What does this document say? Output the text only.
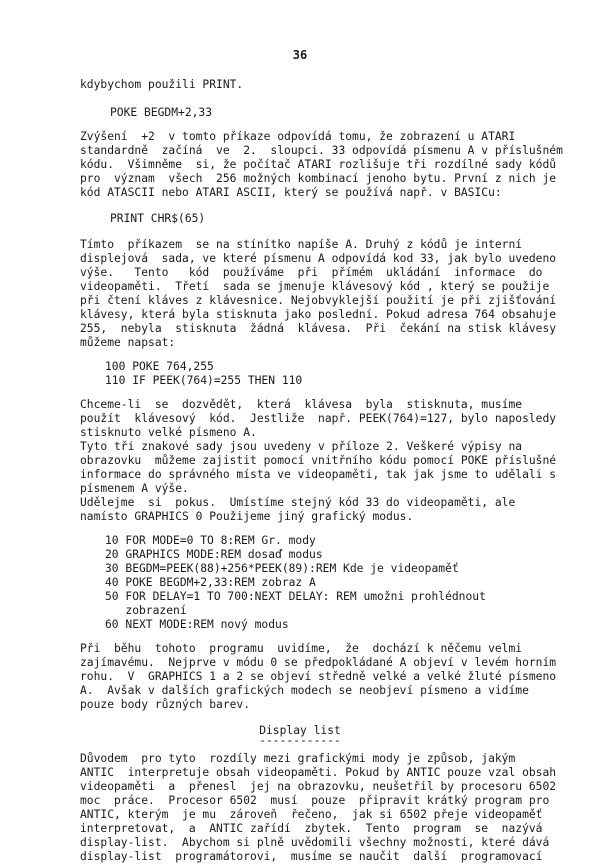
36
kdybychom použili PRINT.
POKE BEGDM+2,33
Zvýšení  +2  v tomto příkaze odpovídá tomu, že zobrazení u ATARI
standardně  začíná  ve  2.  sloupci. 33 odpovídá písmenu A v příslušném
kódu.  Všimněme  si, že počítač ATARI rozlišuje tři rozdílné sady kódů
pro  význam  všech  256 možných kombinací jenoho bytu. První z nich je
kód ATASCII nebo ATARI ASCII, který se používá např. v BASICu:
PRINT CHR$(65)
Tímto  příkazem  se na stínítko napíše A. Druhý z kódů je interní
displejová  sada, ve které písmenu A odpovídá kod 33, jak bylo uvedeno
výše.   Tento   kód  používáme  při  přímém  ukládání  informace  do
videopaměti.  Třetí  sada se jmenuje klávesový kód , který se použije
při čtení kláves z klávesnice. Nejobvyklejší použití je při zjišťování
klávesy, která byla stisknuta jako poslední. Pokud adresa 764 obsahuje
255,  nebyla  stisknuta  žádná  klávesa.  Při  čekání na stisk klávesy
můžeme napsat:
100 POKE 764,255
110 IF PEEK(764)=255 THEN 110
Chceme-li  se  dozvědět,  která  klávesa  byla  stisknuta, musíme
použít  klávesový  kód.  Jestliže  např. PEEK(764)=127, bylo naposledy
stisknuto velké písmeno A.
Tyto tři znakové sady jsou uvedeny v příloze 2. Veškeré výpisy na
obrazovku  můžeme zajistit pomocí vnitřního kódu pomocí POKE příslušné
informace do správného místa ve videopaměti, tak jak jsme to udělali s
písmenem A výše.
Udělejme  si  pokus.  Umístíme stejný kód 33 do videopaměti, ale
namísto GRAPHICS 0 Použijeme jiný grafický modus.
10 FOR MODE=0 TO 8:REM Gr. mody
20 GRAPHICS MODE:REM dosaď modus
30 BEGDM=PEEK(88)+256*PEEK(89):REM Kde je videopaměť
40 POKE BEGDM+2,33:REM zobraz A
50 FOR DELAY=1 TO 700:NEXT DELAY: REM umožni prohlédnout
zobrazení
60 NEXT MODE:REM nový modus
Při  běhu  tohoto  programu  uvidíme,  že  dochází k něčemu velmi
zajímavému.  Nejprve v módu 0 se předpokládané A objeví v levém horním
rohu.  V  GRAPHICS 1 a 2 se objeví středně velké a velké žluté písmeno
A.  Avšak v dalších grafických modech se neobjeví písmeno a vidíme
pouze body různých barev.
Display list
------------
Důvodem  pro tyto  rozdíly mezi grafickými mody je způsob, jakým
ANTIC  interpretuje obsah videopaměti. Pokud by ANTIC pouze vzal obsah
videopaměti  a  přenesl  jej na obrazovku, neušetřil by procesoru 6502
moc  práce.  Procesor 6502  musí  pouze  připravit krátký program pro
ANTIC, kterým  je mu  zároveň  řečeno,  jak si 6502 přeje videopaměť
interpretovat,  a  ANTIC zařídí  zbytek.  Tento  program  se  nazývá
display-list.  Abychom si plně uvědomili všechny možnosti, které dává
display-list  programátorovi,  musíme se naučit  další  programovací
